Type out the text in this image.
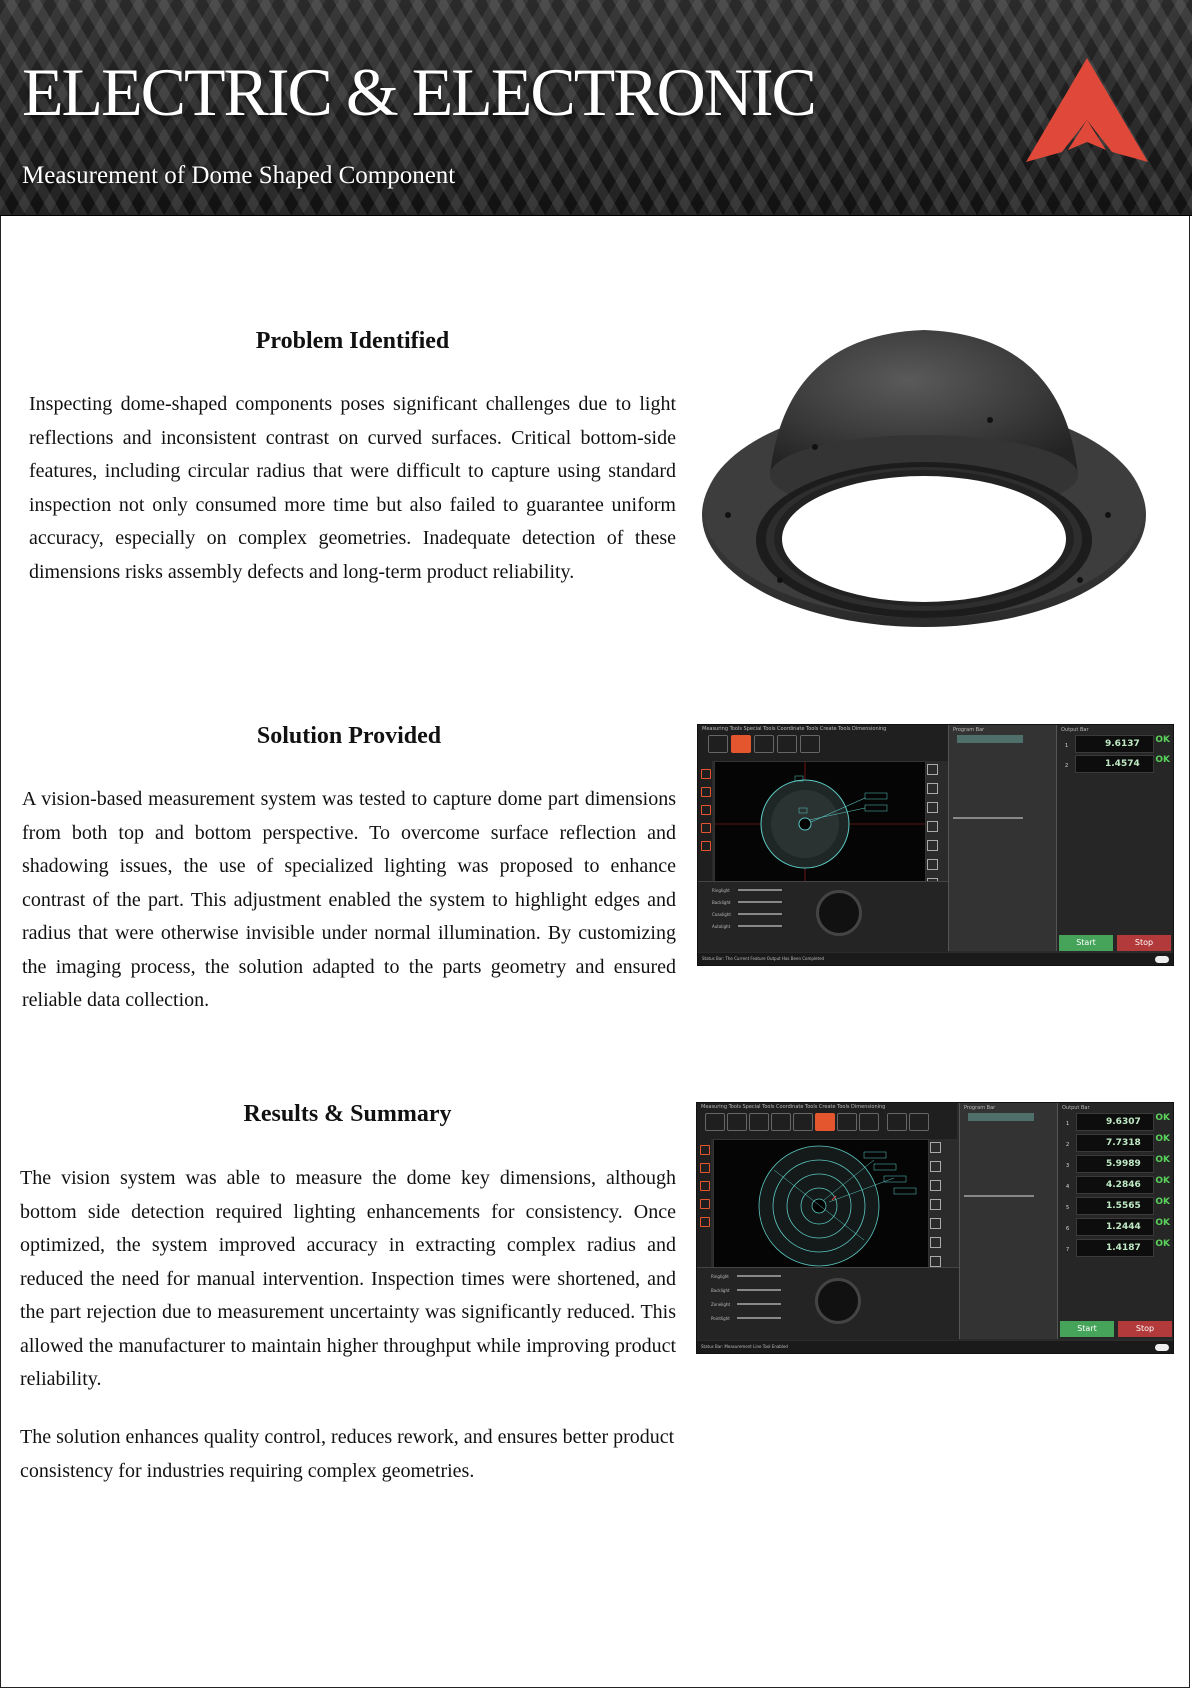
ELECTRIC & ELECTRONIC
Measurement of Dome Shaped Component
Problem Identified

Inspecting dome-shaped components poses significant challenges due to light reflections and inconsistent contrast on curved surfaces. Critical bottom-side features, including circular radius that were difficult to capture using standard inspection not only consumed more time but also failed to guarantee uniform accuracy, especially on complex geometries. Inadequate detection of these dimensions risks assembly defects and long-term product reliability.

Solution Provided

A vision-based measurement system was tested to capture dome part dimensions from both top and bottom perspective. To overcome surface reflection and shadowing issues, the use of specialized lighting was proposed to enhance contrast of the part. This adjustment enabled the system to highlight edges and radius that were otherwise invisible under normal illumination. By customizing the imaging process, the solution adapted to the parts geometry and ensured reliable data collection.

Measuring Tools Special Tools Coordinate Tools Create Tools Dimensioning
	Program Bar	Output Bar
1	9.6137 OK
2	1.4574 OK
Start	Stop
Ringlight
Backlight
Coaxlight
Autolight
Status Bar: The Current Feature Output Has Been Completed
Results & Summary

The vision system was able to measure the dome key dimensions, although bottom side detection required lighting enhancements for consistency. Once optimized, the system improved accuracy in extracting complex radius and reduced the need for manual intervention. Inspection times were shortened, and the part rejection due to measurement uncertainty was significantly reduced. This allowed the manufacturer to maintain higher throughput while improving product reliability.

The solution enhances quality control, reduces rework, and ensures better product consistency for industries requiring complex geometries.

Measuring Tools Special Tools Coordinate Tools Create Tools Dimensioning
	Program Bar	Output Bar
1	9.6307 OK
2	7.7318 OK
3	5.9989 OK
4	4.2846 OK
5	1.5565 OK
6	1.2444 OK
7	1.4187 OK
Start	Stop
Ringlight
Backlight
Zonelight
Pointlight
Status Bar: Measurement Line Tool Enabled
